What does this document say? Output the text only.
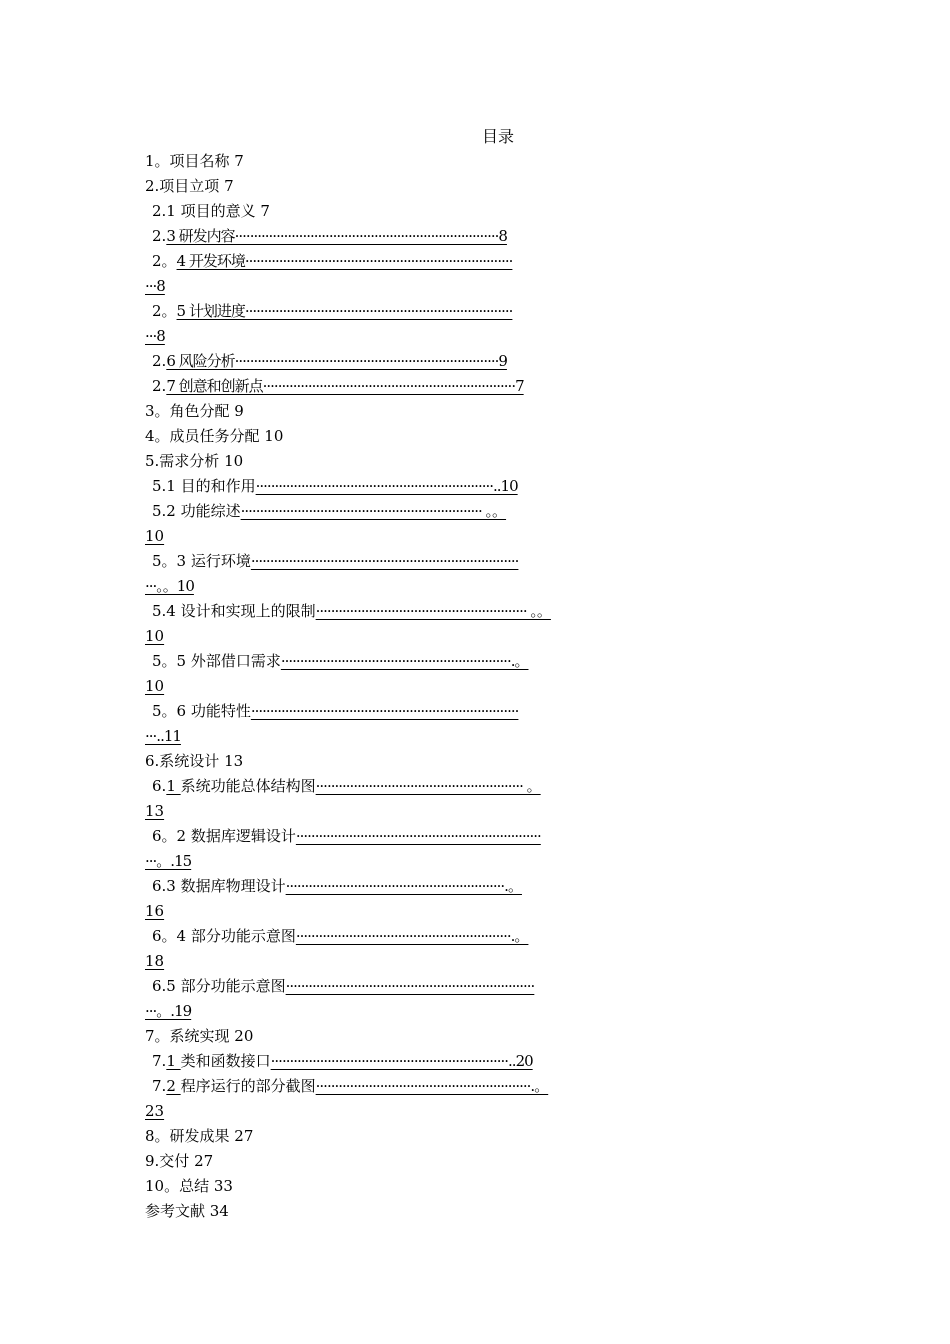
目录
1。项目名称 7
2.项目立项 7
2.1 项目的意义 7
2.3 研发内容······································································8
2。4 开发环境·······································································
···8
2。5 计划进度·······································································
···8
2.6 风险分析······································································9
2.7 创意和创新点···································································7
3。角色分配 9
4。成员任务分配 10
5.需求分析 10
5.1 目的和作用·······························································..10
5.2 功能综述································································ 。。
10
5。3 运行环境·······································································
···。。10
5.4 设计和实现上的限制························································ 。。
10
5。5 外部借口需求·····························································.。
10
5。6 功能特性·······································································
···..11
6.系统设计 13
6.1 系统功能总体结构图······················································· 。
13
6。2 数据库逻辑设计·································································
···。.15
6.3 数据库物理设计··························································.。
16
6。4 部分功能示意图·························································.。
18
6.5 部分功能示意图··································································
···。.19
7。系统实现 20
7.1 类和函数接口·······························································..20
7.2 程序运行的部分截图·························································.。
23
8。研发成果 27
9.交付 27
10。总结 33
参考文献 34
